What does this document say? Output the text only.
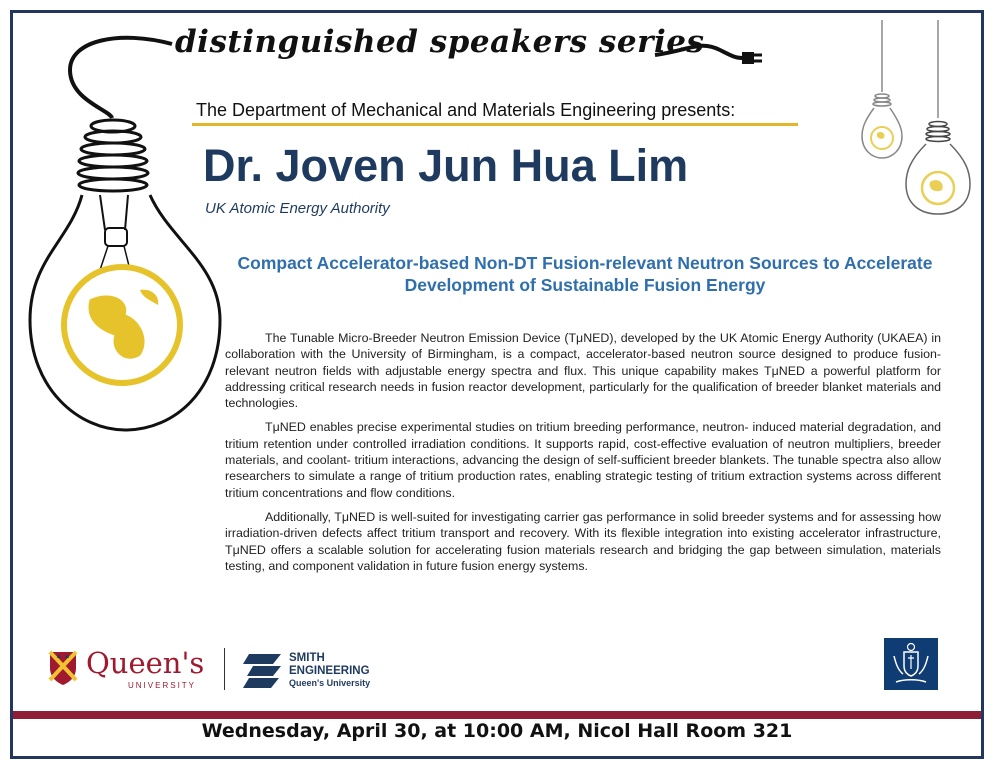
distinguished speakers series
The Department of Mechanical and Materials Engineering presents:
Dr. Joven Jun Hua Lim
UK Atomic Energy Authority
Compact Accelerator-based Non-DT Fusion-relevant Neutron Sources to Accelerate Development of Sustainable Fusion Energy

The Tunable Micro-Breeder Neutron Emission Device (TμNED), developed by the UK Atomic Energy Authority (UKAEA) in collaboration with the University of Birmingham, is a compact, accelerator-based neutron source designed to produce fusion-relevant neutron fields with adjustable energy spectra and flux. This unique capability makes TμNED a powerful platform for addressing critical research needs in fusion reactor development, particularly for the qualification of breeder blanket materials and technologies.

TμNED enables precise experimental studies on tritium breeding performance, neutron- induced material degradation, and tritium retention under controlled irradiation conditions. It supports rapid, cost-effective evaluation of neutron multipliers, breeder materials, and coolant- tritium interactions, advancing the design of self-sufficient breeder blankets. The tunable spectra also allow researchers to simulate a range of tritium production rates, enabling strategic testing of tritium extraction systems across different tritium concentrations and flow conditions.

Additionally, TμNED is well-suited for investigating carrier gas performance in solid breeder systems and for assessing how irradiation-driven defects affect tritium transport and recovery. With its flexible integration into existing accelerator infrastructure, TμNED offers a scalable solution for accelerating fusion materials research and bridging the gap between simulation, materials testing, and component validation in future fusion energy systems.

Queen's
UNIVERSITY
SMITH
ENGINEERING
Queen's University
Wednesday, April 30, at 10:00 AM, Nicol Hall Room 321
